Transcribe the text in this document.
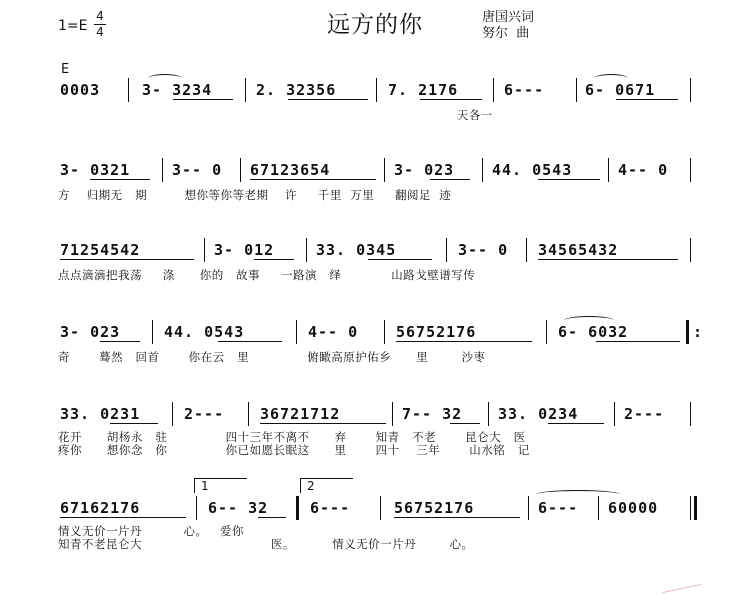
1=E
4
4	远方的你	唐国兴词
努尔  曲
E
0003	3- 3234	2. 32356	7. 2176	6---	6- 0671
天各一
3- 0321	3-- 0 67123654	3- 023	44. 0543	4-- 0
方    归期无   期         想你等你等老期    许     千里  万里     翻阅足  迹
71254542	3- 012	33. 0345	3-- 0 34565432
点点滴滴把我荡     涤      你的   故事     一路演   绎            山路戈壁谱写传
3- 023	44. 0543	4-- 0	56752176	6- 6032	:
奇       蓦然   回首       你在云   里              俯瞰高原护佑乡      里        沙枣
33. 0231	2--- 36721712	7-- 32 33. 0234	2---
花开      胡杨永   驻              四十三年不离不      弃       知青   不老       昆仑大   医
疼你      想你念   你              你已如愿长眠这      里       四十    三年       山水铭   记
1	2
67162176	6-- 32	6---	56752176	6--- 60000
情义无价一片丹          心。   爱你
知青不老昆仑大                               医。         情义无价一片丹        心。
